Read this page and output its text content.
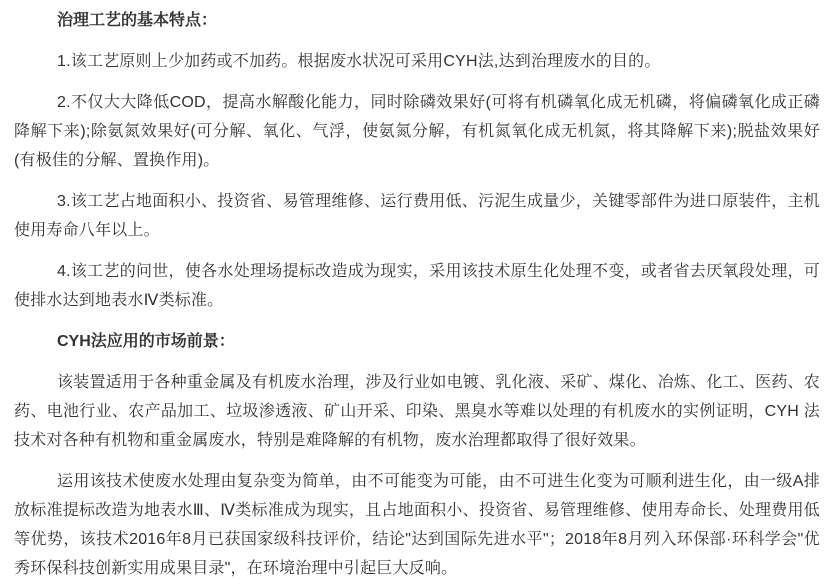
治理工艺的基本特点：

1.该工艺原则上少加药或不加药。根据废水状况可采用CYH法,达到治理废水的目的。

2.不仅大大降低COD，提高水解酸化能力，同时除磷效果好(可将有机磷氧化成无机磷，将偏磷氧化成正磷降解下来);除氨氮效果好(可分解、氧化、气浮，使氨氮分解，有机氮氧化成无机氮，将其降解下来);脱盐效果好(有极佳的分解、置换作用)。

3.该工艺占地面积小、投资省、易管理维修、运行费用低、污泥生成量少，关键零部件为进口原装件，主机使用寿命八年以上。

4.该工艺的问世，使各水处理场提标改造成为现实，采用该技术原生化处理不变，或者省去厌氧段处理，可使排水达到地表水Ⅳ类标准。

CYH法应用的市场前景：

该装置适用于各种重金属及有机废水治理，涉及行业如电镀、乳化液、采矿、煤化、冶炼、化工、医药、农药、电池行业、农产品加工、垃圾渗透液、矿山开采、印染、黑臭水等难以处理的有机废水的实例证明，CYH 法技术对各种有机物和重金属废水，特别是难降解的有机物，废水治理都取得了很好效果。

运用该技术使废水处理由复杂变为简单，由不可能变为可能，由不可进生化变为可顺利进生化，由一级A排放标准提标改造为地表水Ⅲ、Ⅳ类标准成为现实，且占地面积小、投资省、易管理维修、使用寿命长、处理费用低等优势，该技术2016年8月已获国家级科技评价，结论"达到国际先进水平"；2018年8月列入环保部·环科学会"优秀环保科技创新实用成果目录"，在环境治理中引起巨大反响。
